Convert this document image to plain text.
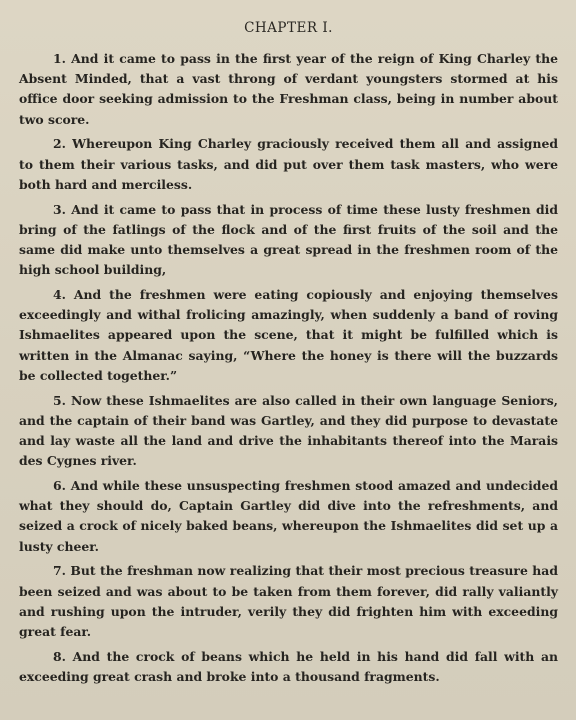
CHAPTER I.

1. And it came to pass in the first year of the reign of King Charley the Absent Minded, that a vast throng of verdant youngsters stormed at his office door seeking admission to the Freshman class, being in number about two score.

2. Whereupon King Charley graciously received them all and assigned to them their various tasks, and did put over them task masters, who were both hard and merciless.

3. And it came to pass that in process of time these lusty freshmen did bring of the fatlings of the flock and of the first fruits of the soil and the same did make unto themselves a great spread in the freshmen room of the high school building,

4. And the freshmen were eating copiously and enjoying themselves exceedingly and withal frolicing amazingly, when suddenly a band of roving Ishmaelites appeared upon the scene, that it might be fulfilled which is written in the Almanac saying, “Where the honey is there will the buzzards be collected together.”

5. Now these Ishmaelites are also called in their own language Seniors, and the captain of their band was Gartley, and they did purpose to devastate and lay waste all the land and drive the inhabitants thereof into the Marais des Cygnes river.

6. And while these unsuspecting freshmen stood amazed and undecided what they should do, Captain Gartley did dive into the refreshments, and seized a crock of nicely baked beans, whereupon the Ishmaelites did set up a lusty cheer.

7. But the freshman now realizing that their most precious treasure had been seized and was about to be taken from them forever, did rally valiantly and rushing upon the intruder, verily they did frighten him with exceeding great fear.

8. And the crock of beans which he held in his hand did fall with an exceeding great crash and broke into a thousand fragments.
